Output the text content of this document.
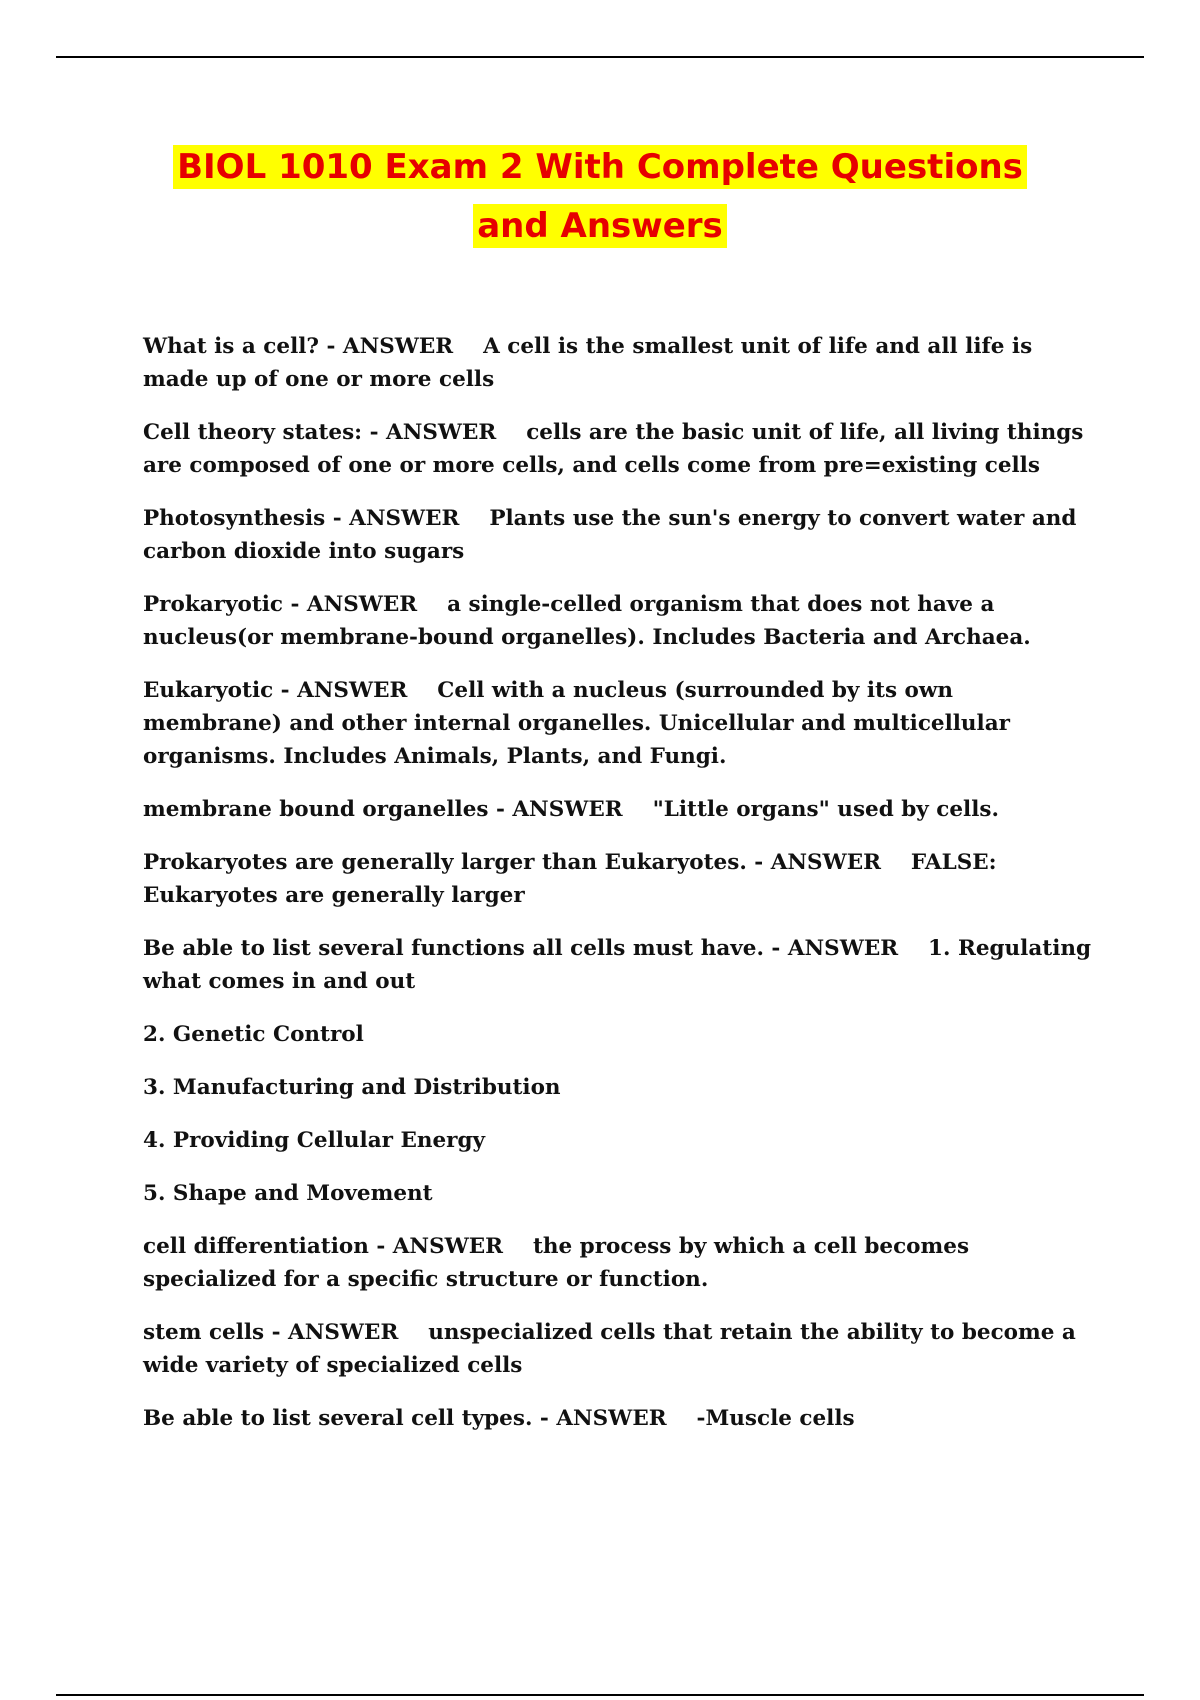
BIOL 1010 Exam 2 With Complete Questions
and Answers

What is a cell? - ANSWER    A cell is the smallest unit of life and all life is made up of one or more cells

Cell theory states: - ANSWER    cells are the basic unit of life, all living things are composed of one or more cells, and cells come from pre=existing cells

Photosynthesis - ANSWER    Plants use the sun's energy to convert water and carbon dioxide into sugars

Prokaryotic - ANSWER    a single-celled organism that does not have a nucleus(or membrane-bound organelles). Includes Bacteria and Archaea.

Eukaryotic - ANSWER    Cell with a nucleus (surrounded by its own membrane) and other internal organelles. Unicellular and multicellular organisms. Includes Animals, Plants, and Fungi.

membrane bound organelles - ANSWER    "Little organs" used by cells.

Prokaryotes are generally larger than Eukaryotes. - ANSWER    FALSE: Eukaryotes are generally larger

Be able to list several functions all cells must have. - ANSWER    1. Regulating what comes in and out

2. Genetic Control

3. Manufacturing and Distribution

4. Providing Cellular Energy

5. Shape and Movement

cell differentiation - ANSWER    the process by which a cell becomes specialized for a specific structure or function.

stem cells - ANSWER    unspecialized cells that retain the ability to become a wide variety of specialized cells

Be able to list several cell types. - ANSWER    -Muscle cells
